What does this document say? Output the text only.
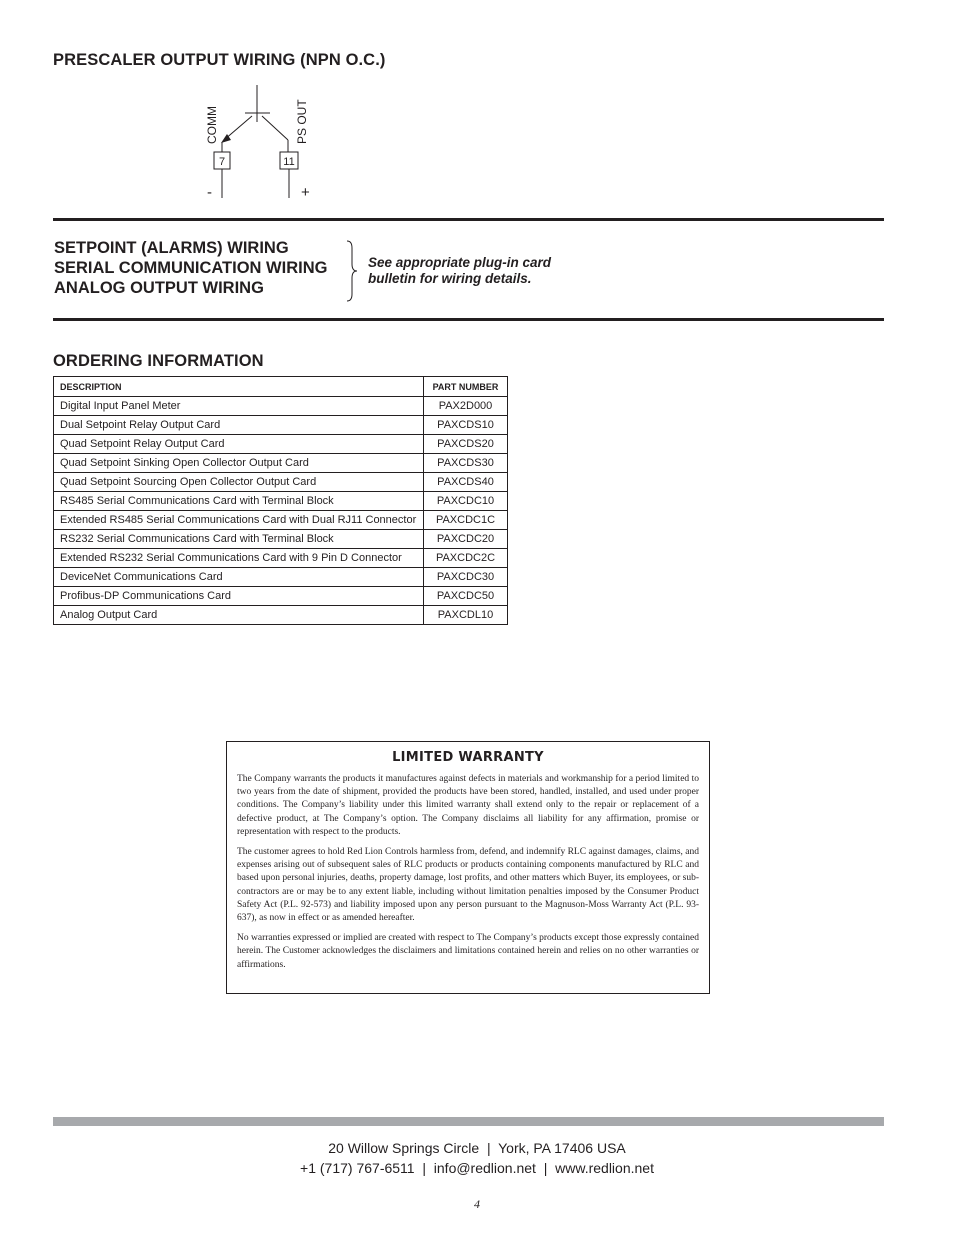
PRESCALER OUTPUT WIRING (NPN O.C.)
7	11
COMM	PS OUT
-	+
SETPOINT (ALARMS) WIRING
SERIAL COMMUNICATION WIRING
ANALOG OUTPUT WIRING
See appropriate plug-in card
bulletin for wiring details.
ORDERING INFORMATION
DESCRIPTION	PART NUMBER
Digital Input Panel Meter	PAX2D000
Dual Setpoint Relay Output Card	PAXCDS10
Quad Setpoint Relay Output Card	PAXCDS20
Quad Setpoint Sinking Open Collector Output Card	PAXCDS30
Quad Setpoint Sourcing Open Collector Output Card	PAXCDS40
RS485 Serial Communications Card with Terminal Block	PAXCDC10
Extended RS485 Serial Communications Card with Dual RJ11 Connector	PAXCDC1C
RS232 Serial Communications Card with Terminal Block	PAXCDC20
Extended RS232 Serial Communications Card with 9 Pin D Connector	PAXCDC2C
DeviceNet Communications Card	PAXCDC30
Profibus-DP Communications Card	PAXCDC50
Analog Output Card	PAXCDL10
LIMITED WARRANTY

The Company warrants the products it manufactures against defects in materials and workmanship for a period limited to two years from the date of shipment, provided the products have been stored, handled, installed, and used under proper conditions. The Company’s liability under this limited warranty shall extend only to the repair or replacement of a defective product, at The Company’s option. The Company disclaims all liability for any affirmation, promise or representation with respect to the products.

The customer agrees to hold Red Lion Controls harmless from, defend, and indemnify RLC against damages, claims, and expenses arising out of subsequent sales of RLC products or products containing components manufactured by RLC and based upon personal injuries, deaths, property damage, lost profits, and other matters which Buyer, its employees, or sub-contractors are or may be to any extent liable, including without limitation penalties imposed by the Consumer Product Safety Act (P.L. 92-573) and liability imposed upon any person pursuant to the Magnuson-Moss Warranty Act (P.L. 93-637), as now in effect or as amended hereafter.

No warranties expressed or implied are created with respect to The Company’s products except those expressly contained herein. The Customer acknowledges the disclaimers and limitations contained herein and relies on no other warranties or affirmations.

20 Willow Springs Circle  |  York, PA 17406 USA
+1 (717) 767-6511  |  info@redlion.net  |  www.redlion.net
4
